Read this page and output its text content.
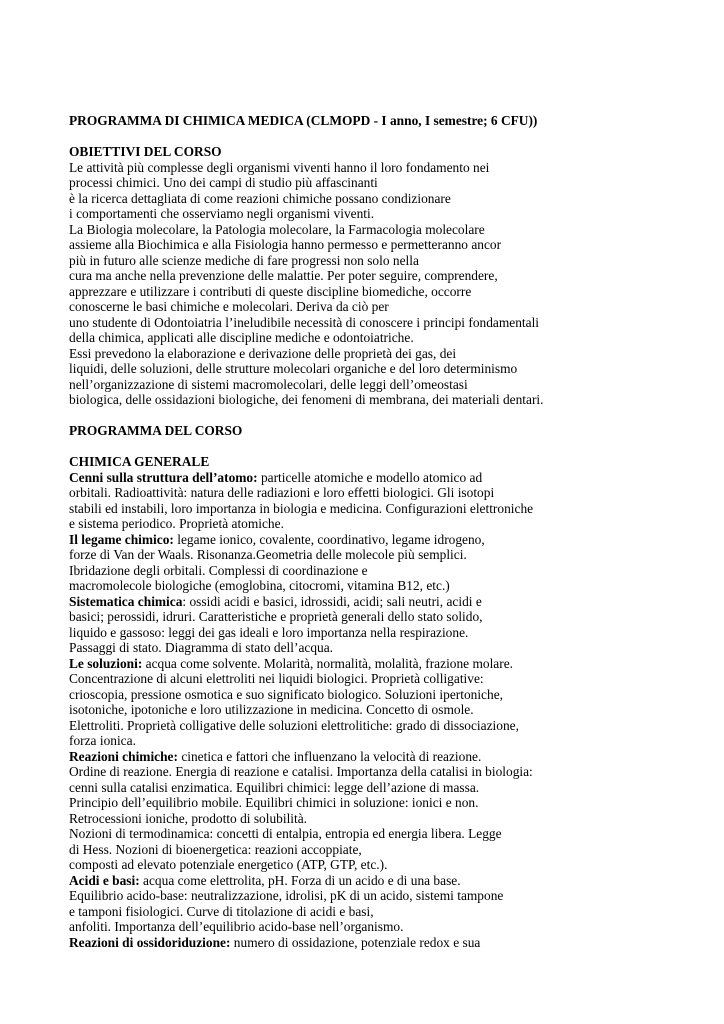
PROGRAMMA DI CHIMICA MEDICA (CLMOPD - I anno, I semestre; 6 CFU))

OBIETTIVI DEL CORSO

Le attività più complesse degli organismi viventi hanno il loro fondamento nei

processi chimici. Uno dei campi di studio più affascinanti

è la ricerca dettagliata di come reazioni chimiche possano condizionare

i comportamenti che osserviamo negli organismi viventi.

La Biologia molecolare, la Patologia molecolare, la Farmacologia molecolare

assieme alla Biochimica e alla Fisiologia hanno permesso e permetteranno ancor

più in futuro alle scienze mediche di fare progressi non solo nella

cura ma anche nella prevenzione delle malattie. Per poter seguire, comprendere,

apprezzare e utilizzare i contributi di queste discipline biomediche, occorre

conoscerne le basi chimiche e molecolari. Deriva da ciò per

uno studente di Odontoiatria l’ineludibile necessità di conoscere i principi fondamentali

della chimica, applicati alle discipline mediche e odontoiatriche.

Essi prevedono la elaborazione e derivazione delle proprietà dei gas, dei

liquidi, delle soluzioni, delle strutture molecolari organiche e del loro determinismo

nell’organizzazione di sistemi macromolecolari, delle leggi dell’omeostasi

biologica, delle ossidazioni biologiche, dei fenomeni di membrana, dei materiali dentari.

PROGRAMMA DEL CORSO

CHIMICA GENERALE

Cenni sulla struttura dell’atomo: particelle atomiche e modello atomico ad

orbitali. Radioattività: natura delle radiazioni e loro effetti biologici. Gli isotopi

stabili ed instabili, loro importanza in biologia e medicina. Configurazioni elettroniche

e sistema periodico. Proprietà atomiche.

Il legame chimico: legame ionico, covalente, coordinativo, legame idrogeno,

forze di Van der Waals. Risonanza.Geometria delle molecole più semplici.

Ibridazione degli orbitali. Complessi di coordinazione e

macromolecole biologiche (emoglobina, citocromi, vitamina B12, etc.)

Sistematica chimica: ossidi acidi e basici, idrossidi, acidi; sali neutri, acidi e

basici; perossidi, idruri. Caratteristiche e proprietà generali dello stato solido,

liquido e gassoso: leggi dei gas ideali e loro importanza nella respirazione.

Passaggi di stato. Diagramma di stato dell’acqua.

Le soluzioni: acqua come solvente. Molarità, normalità, molalità, frazione molare.

Concentrazione di alcuni elettroliti nei liquidi biologici. Proprietà colligative:

crioscopia, pressione osmotica e suo significato biologico. Soluzioni ipertoniche,

isotoniche, ipotoniche e loro utilizzazione in medicina. Concetto di osmole.

Elettroliti. Proprietà colligative delle soluzioni elettrolitiche: grado di dissociazione,

forza ionica.

Reazioni chimiche: cinetica e fattori che influenzano la velocità di reazione.

Ordine di reazione. Energia di reazione e catalisi. Importanza della catalisi in biologia:

cenni sulla catalisi enzimatica. Equilibri chimici: legge dell’azione di massa.

Principio dell’equilibrio mobile. Equilibri chimici in soluzione: ionici e non.

Retrocessioni ioniche, prodotto di solubilità.

Nozioni di termodinamica: concetti di entalpia, entropia ed energia libera. Legge

di Hess. Nozioni di bioenergetica: reazioni accoppiate,

composti ad elevato potenziale energetico (ATP, GTP, etc.).

Acidi e basi: acqua come elettrolita, pH. Forza di un acido e di una base.

Equilibrio acido-base: neutralizzazione, idrolisi, pK di un acido, sistemi tampone

e tamponi fisiologici. Curve di titolazione di acidi e basi,

anfoliti. Importanza dell’equilibrio acido-base nell’organismo.

Reazioni di ossidoriduzione: numero di ossidazione, potenziale redox e sua
